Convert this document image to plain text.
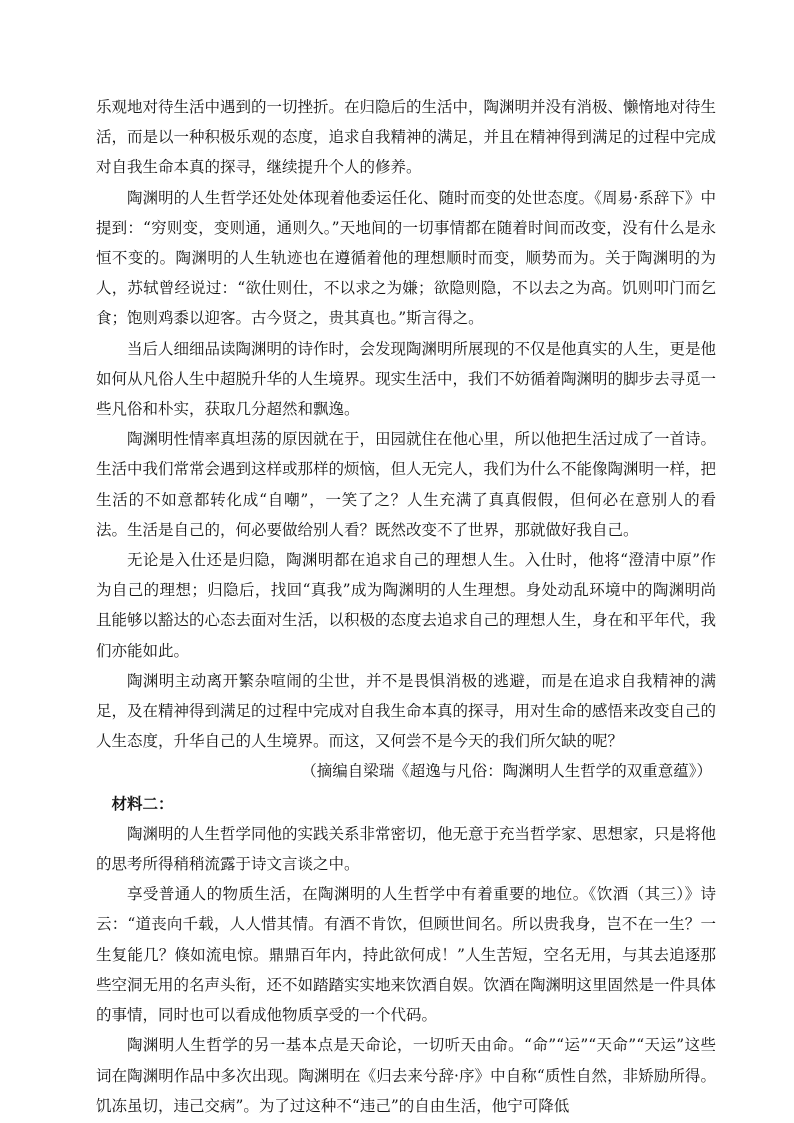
乐观地对待生活中遇到的一切挫折。在归隐后的生活中，陶渊明并没有消极、懒惰地对待生活，而是以一种积极乐观的态度，追求自我精神的满足，并且在精神得到满足的过程中完成对自我生命本真的探寻，继续提升个人的修养。

陶渊明的人生哲学还处处体现着他委运任化、随时而变的处世态度。《周易·系辞下》中提到：“穷则变，变则通，通则久。”天地间的一切事情都在随着时间而改变，没有什么是永恒不变的。陶渊明的人生轨迹也在遵循着他的理想顺时而变，顺势而为。关于陶渊明的为人，苏轼曾经说过：“欲仕则仕，不以求之为嫌；欲隐则隐，不以去之为高。饥则叩门而乞食；饱则鸡黍以迎客。古今贤之，贵其真也。”斯言得之。

当后人细细品读陶渊明的诗作时，会发现陶渊明所展现的不仅是他真实的人生，更是他如何从凡俗人生中超脱升华的人生境界。现实生活中，我们不妨循着陶渊明的脚步去寻觅一些凡俗和朴实，获取几分超然和飘逸。

陶渊明性情率真坦荡的原因就在于，田园就住在他心里，所以他把生活过成了一首诗。生活中我们常常会遇到这样或那样的烦恼，但人无完人，我们为什么不能像陶渊明一样，把生活的不如意都转化成“自嘲”，一笑了之？人生充满了真真假假，但何必在意别人的看法。生活是自己的，何必要做给别人看？既然改变不了世界，那就做好我自己。

无论是入仕还是归隐，陶渊明都在追求自己的理想人生。入仕时，他将“澄清中原”作为自己的理想；归隐后，找回“真我”成为陶渊明的人生理想。身处动乱环境中的陶渊明尚且能够以豁达的心态去面对生活，以积极的态度去追求自己的理想人生，身在和平年代，我们亦能如此。

陶渊明主动离开繁杂喧闹的尘世，并不是畏惧消极的逃避，而是在追求自我精神的满足，及在精神得到满足的过程中完成对自我生命本真的探寻，用对生命的感悟来改变自己的人生态度，升华自己的人生境界。而这，又何尝不是今天的我们所欠缺的呢？

（摘编自梁瑞《超逸与凡俗：陶渊明人生哲学的双重意蕴》）

材料二：

陶渊明的人生哲学同他的实践关系非常密切，他无意于充当哲学家、思想家，只是将他的思考所得稍稍流露于诗文言谈之中。

享受普通人的物质生活，在陶渊明的人生哲学中有着重要的地位。《饮酒（其三）》诗云：“道丧向千载，人人惜其情。有酒不肯饮，但顾世间名。所以贵我身，岂不在一生？一生复能几？倏如流电惊。鼎鼎百年内，持此欲何成！”人生苦短，空名无用，与其去追逐那些空洞无用的名声头衔，还不如踏踏实实地来饮酒自娱。饮酒在陶渊明这里固然是一件具体的事情，同时也可以看成他物质享受的一个代码。

陶渊明人生哲学的另一基本点是天命论，一切听天由命。“命”“运”“天命”“天运”这些词在陶渊明作品中多次出现。陶渊明在《归去来兮辞·序》中自称“质性自然，非矫励所得。饥冻虽切，违己交病”。为了过这种不“违己”的自由生活，他宁可降低
